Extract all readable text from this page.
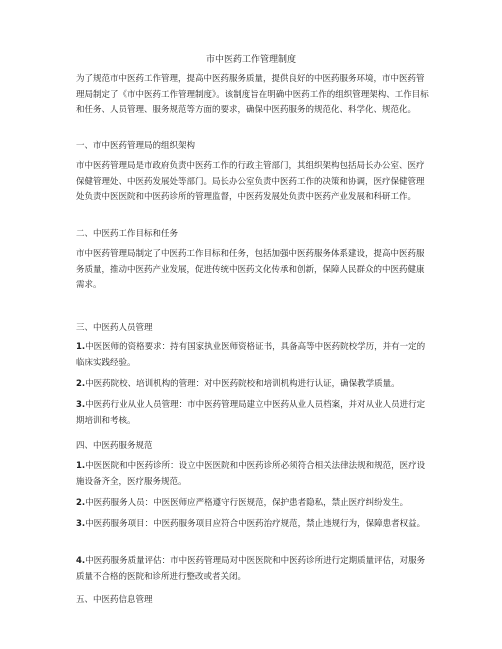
市中医药工作管理制度

为了规范市中医药工作管理，提高中医药服务质量，提供良好的中医药服务环境，市中医药管理局制定了《市中医药工作管理制度》。该制度旨在明确中医药工作的组织管理架构、工作目标和任务、人员管理、服务规范等方面的要求，确保中医药服务的规范化、科学化、规范化。

一、市中医药管理局的组织架构

市中医药管理局是市政府负责中医药工作的行政主管部门，其组织架构包括局长办公室、医疗保健管理处、中医药发展处等部门。局长办公室负责中医药工作的决策和协调，医疗保健管理处负责中医医院和中医药诊所的管理监督，中医药发展处负责中医药产业发展和科研工作。

二、中医药工作目标和任务

市中医药管理局制定了中医药工作目标和任务，包括加强中医药服务体系建设，提高中医药服务质量，推动中医药产业发展，促进传统中医药文化传承和创新，保障人民群众的中医药健康需求。

三、中医药人员管理

1.中医医师的资格要求：持有国家执业医师资格证书，具备高等中医药院校学历，并有一定的临床实践经验。

2.中医药院校、培训机构的管理：对中医药院校和培训机构进行认证，确保教学质量。

3.中医药行业从业人员管理：市中医药管理局建立中医药从业人员档案，并对从业人员进行定期培训和考核。

四、中医药服务规范

1.中医医院和中医药诊所：设立中医医院和中医药诊所必须符合相关法律法规和规范，医疗设施设备齐全，医疗服务规范。

2.中医药服务人员：中医医师应严格遵守行医规范，保护患者隐私，禁止医疗纠纷发生。

3.中医药服务项目：中医药服务项目应符合中医药治疗规范，禁止违规行为，保障患者权益。

4.中医药服务质量评估：市中医药管理局对中医医院和中医药诊所进行定期质量评估，对服务质量不合格的医院和诊所进行整改或者关闭。

五、中医药信息管理
